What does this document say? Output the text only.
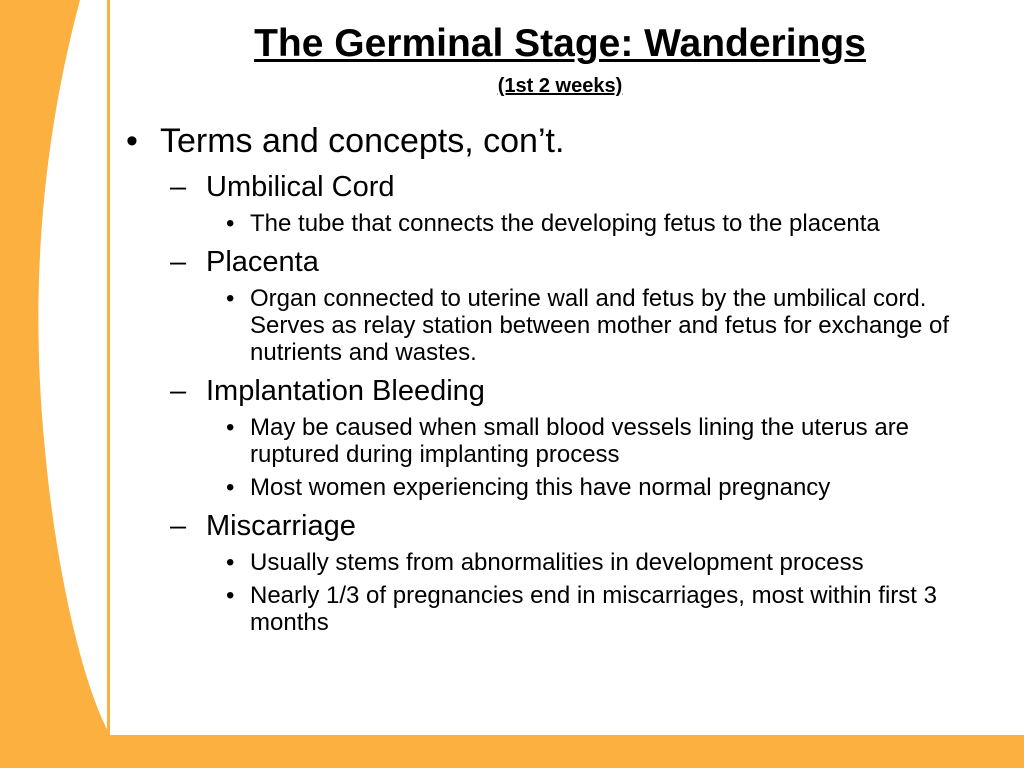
The Germinal Stage: Wanderings
(1st 2 weeks)
• Terms and concepts, con’t.
– Umbilical Cord
• The tube that connects the developing fetus to the placenta
– Placenta
• Organ connected to uterine wall and fetus by the umbilical cord. Serves as relay station between mother and fetus for exchange of nutrients and wastes.
– Implantation Bleeding
• May be caused when small blood vessels lining the uterus are ruptured during implanting process
• Most women experiencing this have normal pregnancy
– Miscarriage
• Usually stems from abnormalities in development process
• Nearly 1/3 of pregnancies end in miscarriages, most within first 3 months
